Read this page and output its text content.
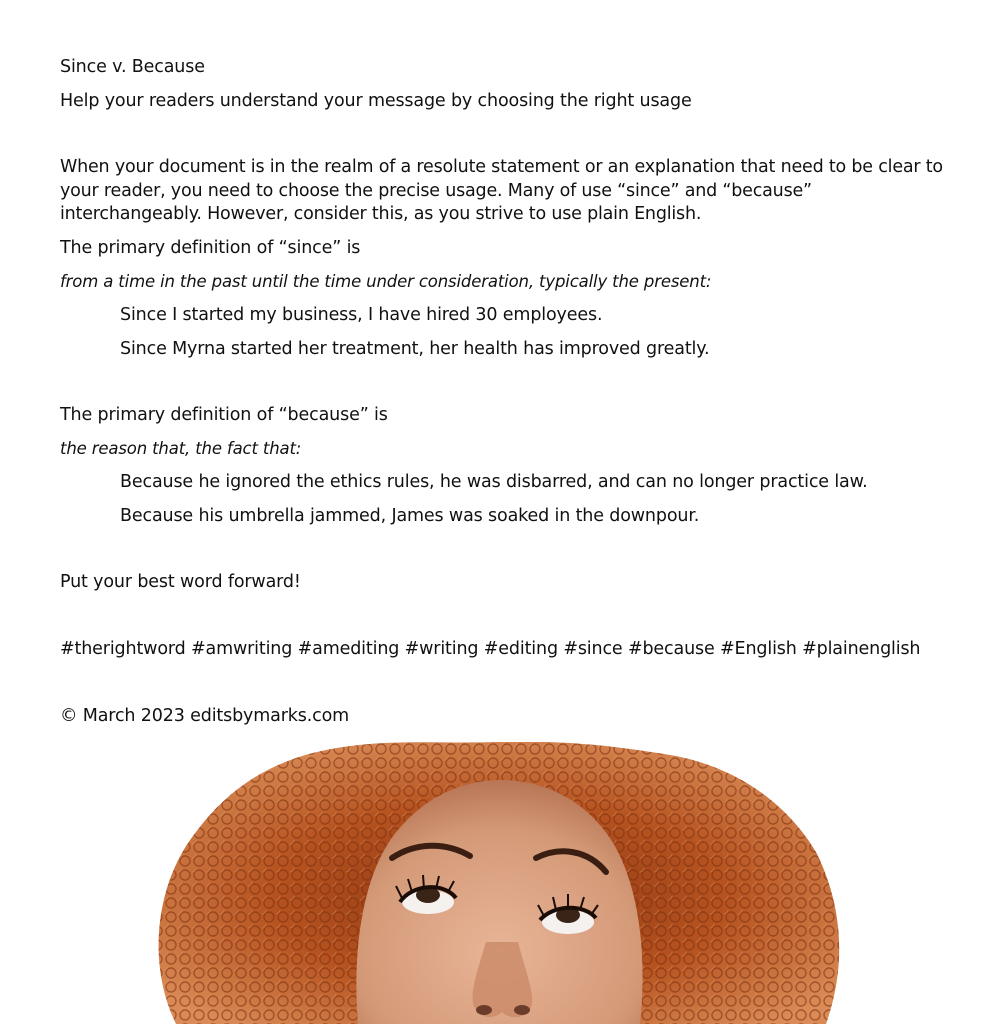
Since v. Because
Help your readers understand your message by choosing the right usage
When your document is in the realm of a resolute statement or an explanation that need to be clear to your reader, you need to choose the precise usage. Many of use “since” and “because” interchangeably. However, consider this, as you strive to use plain English.
The primary definition of “since” is
from a time in the past until the time under consideration, typically the present:
Since I started my business, I have hired 30 employees.
Since Myrna started her treatment, her health has improved greatly.
The primary definition of “because” is
the reason that, the fact that:
Because he ignored the ethics rules, he was disbarred, and can no longer practice law.
Because his umbrella jammed, James was soaked in the downpour.
Put your best word forward!
#therightword #amwriting #amediting #writing #editing #since #because #English #plainenglish
© March 2023 editsbymarks.com
